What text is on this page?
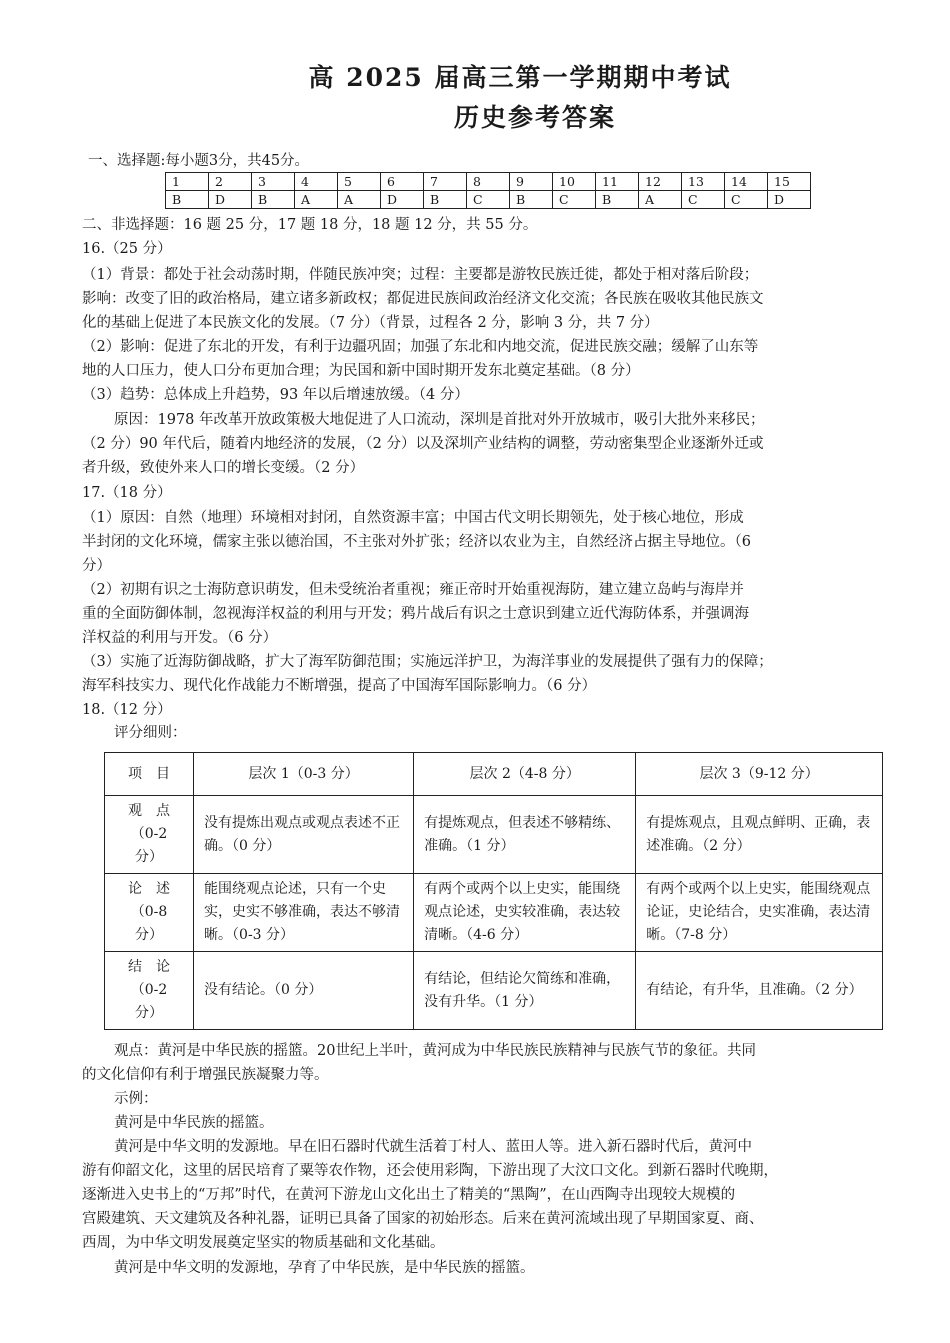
高 2025 届高三第一学期期中考试
历史参考答案
一、选择题:每小题3分，共45分。
1	2	3	4	5	6	7	8	9	10	11	12	13	14	15
B	D	B	A	A	D	B	C	B	C	B	A	C	C	D
二、非选择题：16 题 25 分，17 题 18 分，18 题 12 分，共 55 分。
16.（25 分）
（1）背景：都处于社会动荡时期，伴随民族冲突；过程：主要都是游牧民族迁徙，都处于相对落后阶段；
影响：改变了旧的政治格局，建立诸多新政权；都促进民族间政治经济文化交流；各民族在吸收其他民族文
化的基础上促进了本民族文化的发展。（7 分）（背景，过程各 2 分，影响 3 分，共 7 分）
（2）影响：促进了东北的开发，有利于边疆巩固；加强了东北和内地交流，促进民族交融；缓解了山东等
地的人口压力，使人口分布更加合理；为民国和新中国时期开发东北奠定基础。（8 分）
（3）趋势：总体成上升趋势，93 年以后增速放缓。（4 分）
原因：1978 年改革开放政策极大地促进了人口流动，深圳是首批对外开放城市，吸引大批外来移民；
（2 分）90 年代后，随着内地经济的发展，（2 分）以及深圳产业结构的调整，劳动密集型企业逐渐外迁或
者升级，致使外来人口的增长变缓。（2 分）
17.（18 分）
（1）原因：自然（地理）环境相对封闭，自然资源丰富；中国古代文明长期领先，处于核心地位，形成
半封闭的文化环境，儒家主张以德治国，不主张对外扩张；经济以农业为主，自然经济占据主导地位。（6
分）
（2）初期有识之士海防意识萌发，但未受统治者重视；雍正帝时开始重视海防，建立建立岛屿与海岸并
重的全面防御体制，忽视海洋权益的利用与开发；鸦片战后有识之士意识到建立近代海防体系，并强调海
洋权益的利用与开发。（6 分）
（3）实施了近海防御战略，扩大了海军防御范围；实施远洋护卫，为海洋事业的发展提供了强有力的保障；
海军科技实力、现代化作战能力不断增强，提高了中国海军国际影响力。（6 分）
18.（12 分）
评分细则：
项　目	层次 1（0-3 分）	层次 2（4-8 分）	层次 3（9-12 分）
观　点
（0-2
分）	没有提炼出观点或观点表述不正确。（0 分）	有提炼观点，但表述不够精练、准确。（1 分）	有提炼观点，且观点鲜明、正确，表述准确。（2 分）
论　述
（0-8
分）	能围绕观点论述，只有一个史实，史实不够准确，表达不够清晰。（0-3 分）	有两个或两个以上史实，能围绕观点论述，史实较准确，表达较清晰。（4-6 分）	有两个或两个以上史实，能围绕观点论证，史论结合，史实准确，表达清晰。（7-8 分）
结　论
（0-2
分）	没有结论。（0 分）	有结论，但结论欠简练和准确，没有升华。（1 分）	有结论，有升华，且准确。（2 分）
观点：黄河是中华民族的摇篮。20世纪上半叶，黄河成为中华民族民族精神与民族气节的象征。共同
的文化信仰有利于增强民族凝聚力等。
示例：
黄河是中华民族的摇篮。
黄河是中华文明的发源地。早在旧石器时代就生活着丁村人、蓝田人等。进入新石器时代后，黄河中
游有仰韶文化，这里的居民培育了粟等农作物，还会使用彩陶，下游出现了大汶口文化。到新石器时代晚期，
逐渐进入史书上的“万邦”时代，在黄河下游龙山文化出土了精美的“黑陶”，在山西陶寺出现较大规模的
宫殿建筑、天文建筑及各种礼器，证明已具备了国家的初始形态。后来在黄河流域出现了早期国家夏、商、
西周，为中华文明发展奠定坚实的物质基础和文化基础。
黄河是中华文明的发源地，孕育了中华民族，是中华民族的摇篮。
